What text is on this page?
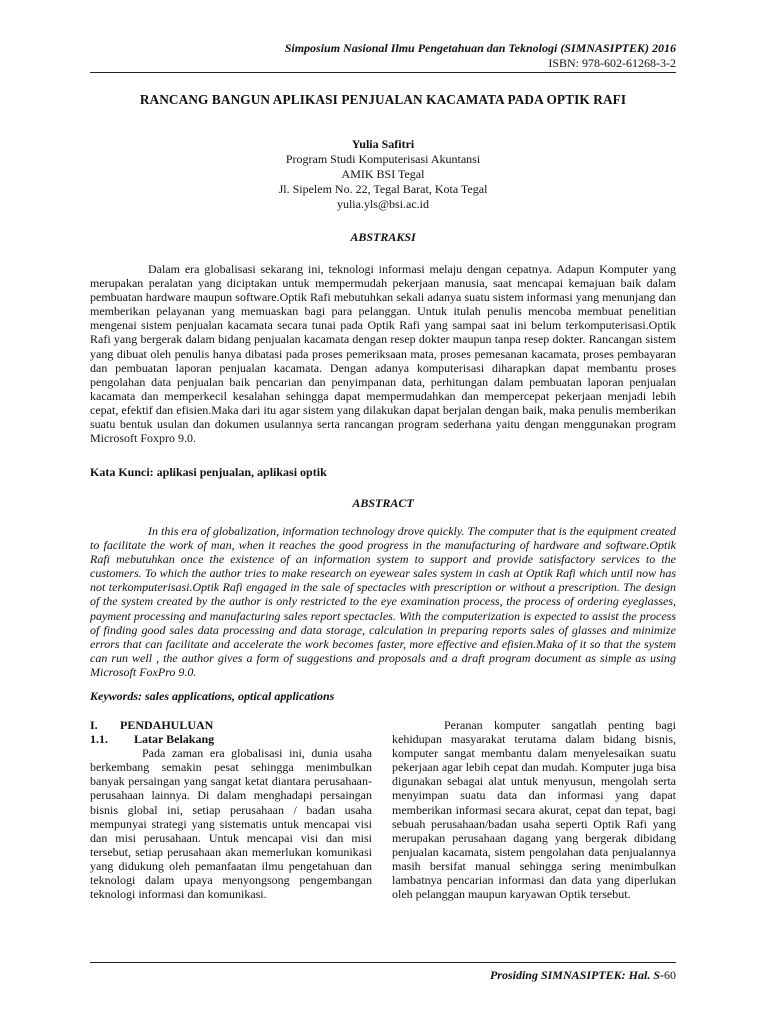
Simposium Nasional Ilmu Pengetahuan dan Teknologi (SIMNASIPTEK) 2016
ISBN: 978-602-61268-3-2
RANCANG BANGUN APLIKASI PENJUALAN KACAMATA PADA OPTIK RAFI
Yulia Safitri
Program Studi Komputerisasi Akuntansi
AMIK BSI Tegal
Jl. Sipelem No. 22, Tegal Barat, Kota Tegal
yulia.yls@bsi.ac.id
ABSTRAKSI

Dalam era globalisasi sekarang ini, teknologi informasi melaju dengan cepatnya. Adapun Komputer yang merupakan peralatan yang diciptakan untuk mempermudah pekerjaan manusia, saat mencapai kemajuan baik dalam pembuatan hardware maupun software.Optik Rafi mebutuhkan sekali adanya suatu sistem informasi yang menunjang dan memberikan pelayanan yang memuaskan bagi para pelanggan. Untuk itulah penulis mencoba membuat penelitian mengenai sistem penjualan kacamata secara tunai pada Optik Rafi yang sampai saat ini belum terkomputerisasi.Optik Rafi yang bergerak dalam bidang penjualan kacamata dengan resep dokter maupun tanpa resep dokter. Rancangan sistem yang dibuat oleh penulis hanya dibatasi pada proses pemeriksaan mata, proses pemesanan kacamata, proses pembayaran dan pembuatan laporan penjualan kacamata. Dengan adanya komputerisasi diharapkan dapat membantu proses pengolahan data penjualan baik pencarian dan penyimpanan data, perhitungan dalam pembuatan laporan penjualan kacamata dan memperkecil kesalahan sehingga dapat mempermudahkan dan mempercepat pekerjaan menjadi lebih cepat, efektif dan efisien.Maka dari itu agar sistem yang dilakukan dapat berjalan dengan baik, maka penulis memberikan suatu bentuk usulan dan dokumen usulannya serta rancangan program sederhana yaitu dengan menggunakan program Microsoft Foxpro 9.0.

Kata Kunci: aplikasi penjualan, aplikasi optik
ABSTRACT

In this era of globalization, information technology drove quickly. The computer that is the equipment created to facilitate the work of man, when it reaches the good progress in the manufacturing of hardware and software.Optik Rafi mebutuhkan once the existence of an information system to support and provide satisfactory services to the customers. To which the author tries to make research on eyewear sales system in cash at Optik Rafi which until now has not terkomputerisasi.Optik Rafi engaged in the sale of spectacles with prescription or without a prescription. The design of the system created by the author is only restricted to the eye examination process, the process of ordering eyeglasses, payment processing and manufacturing sales report spectacles. With the computerization is expected to assist the process of finding good sales data processing and data storage, calculation in preparing reports sales of glasses and minimize errors that can facilitate and accelerate the work becomes faster, more effective and efisien.Maka of it so that the system can run well , the author gives a form of suggestions and proposals and a draft program document as simple as using Microsoft FoxPro 9.0.

Keywords: sales applications, optical applications
I. PENDAHULUAN
1.1. Latar Belakang

Pada zaman era globalisasi ini, dunia usaha berkembang semakin pesat sehingga menimbulkan banyak persaingan yang sangat ketat diantara perusahaan-perusahaan lainnya. Di dalam menghadapi persaingan bisnis global ini, setiap perusahaan / badan usaha mempunyai strategi yang sistematis untuk mencapai visi dan misi perusahaan. Untuk mencapai visi dan misi tersebut, setiap perusahaan akan memerlukan komunikasi yang didukung oleh pemanfaatan ilmu pengetahuan dan teknologi dalam upaya menyongsong pengembangan teknologi informasi dan komunikasi.

Peranan komputer sangatlah penting bagi kehidupan masyarakat terutama dalam bidang bisnis, komputer sangat membantu dalam menyelesaikan suatu pekerjaan agar lebih cepat dan mudah. Komputer juga bisa digunakan sebagai alat untuk menyusun, mengolah serta menyimpan suatu data dan informasi yang dapat memberikan informasi secara akurat, cepat dan tepat, bagi sebuah perusahaan/badan usaha seperti Optik Rafi yang merupakan perusahaan dagang yang bergerak dibidang penjualan kacamata, sistem pengolahan data penjualannya masih bersifat manual sehingga sering menimbulkan lambatnya pencarian informasi dan data yang diperlukan oleh pelanggan maupun karyawan Optik tersebut.

Prosiding SIMNASIPTEK: Hal. S-60
